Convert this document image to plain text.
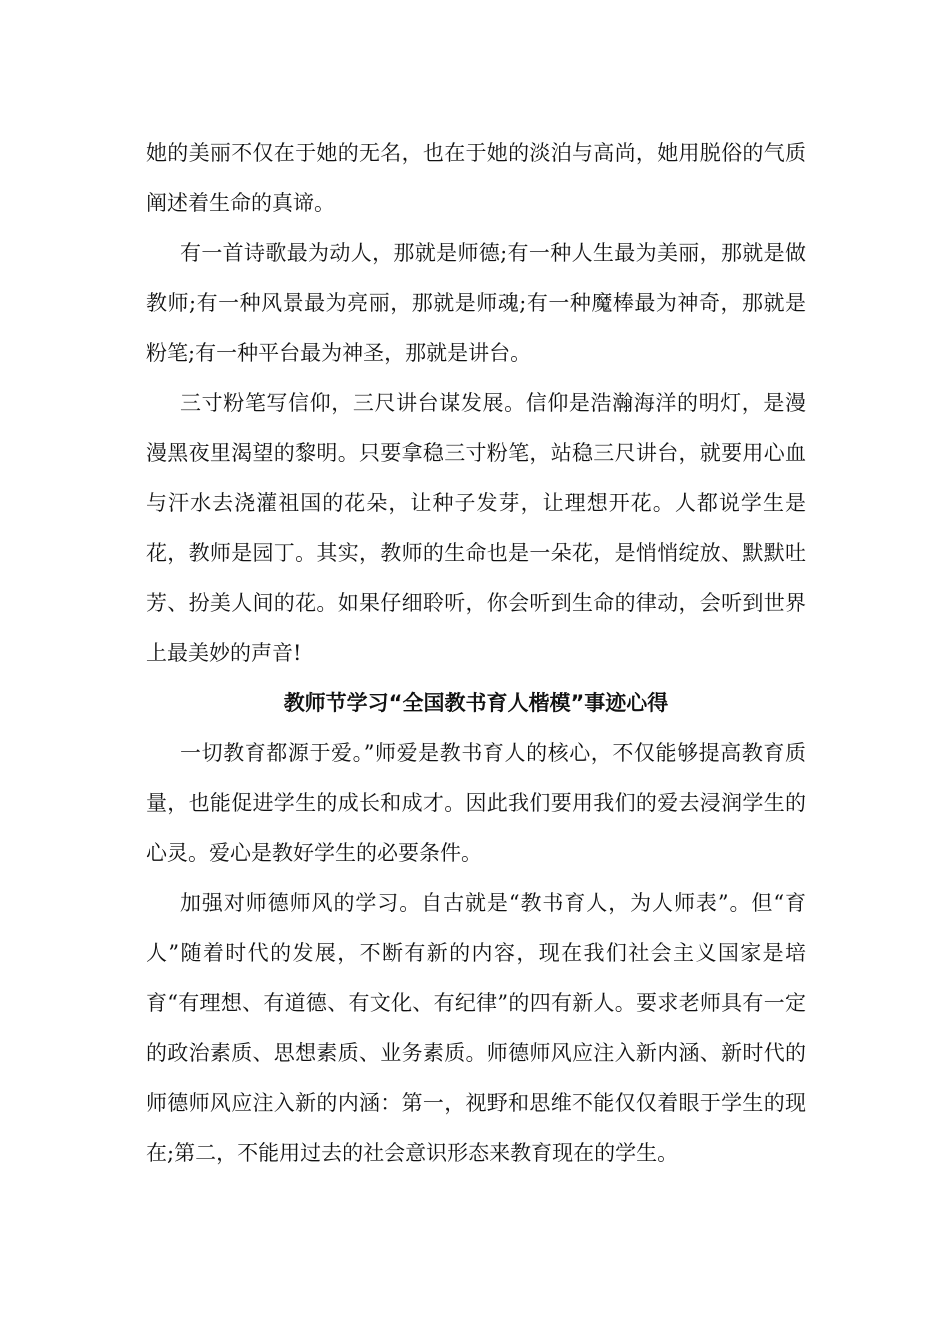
她的美丽不仅在于她的无名，也在于她的淡泊与高尚，她用脱俗的气质阐述着生命的真谛。

有一首诗歌最为动人，那就是师德;有一种人生最为美丽，那就是做教师;有一种风景最为亮丽，那就是师魂;有一种魔棒最为神奇，那就是粉笔;有一种平台最为神圣，那就是讲台。

三寸粉笔写信仰，三尺讲台谋发展。信仰是浩瀚海洋的明灯，是漫漫黑夜里渴望的黎明。只要拿稳三寸粉笔，站稳三尺讲台，就要用心血与汗水去浇灌祖国的花朵，让种子发芽，让理想开花。人都说学生是花，教师是园丁。其实，教师的生命也是一朵花，是悄悄绽放、默默吐芳、扮美人间的花。如果仔细聆听，你会听到生命的律动，会听到世界上最美妙的声音!

教师节学习“全国教书育人楷模”事迹心得

一切教育都源于爱。”师爱是教书育人的核心，不仅能够提高教育质量，也能促进学生的成长和成才。因此我们要用我们的爱去浸润学生的心灵。爱心是教好学生的必要条件。

加强对师德师风的学习。自古就是“教书育人，为人师表”。但“育人”随着时代的发展，不断有新的内容，现在我们社会主义国家是培育“有理想、有道德、有文化、有纪律”的四有新人。要求老师具有一定的政治素质、思想素质、业务素质。师德师风应注入新内涵、新时代的师德师风应注入新的内涵：第一，视野和思维不能仅仅着眼于学生的现在;第二，不能用过去的社会意识形态来教育现在的学生。
